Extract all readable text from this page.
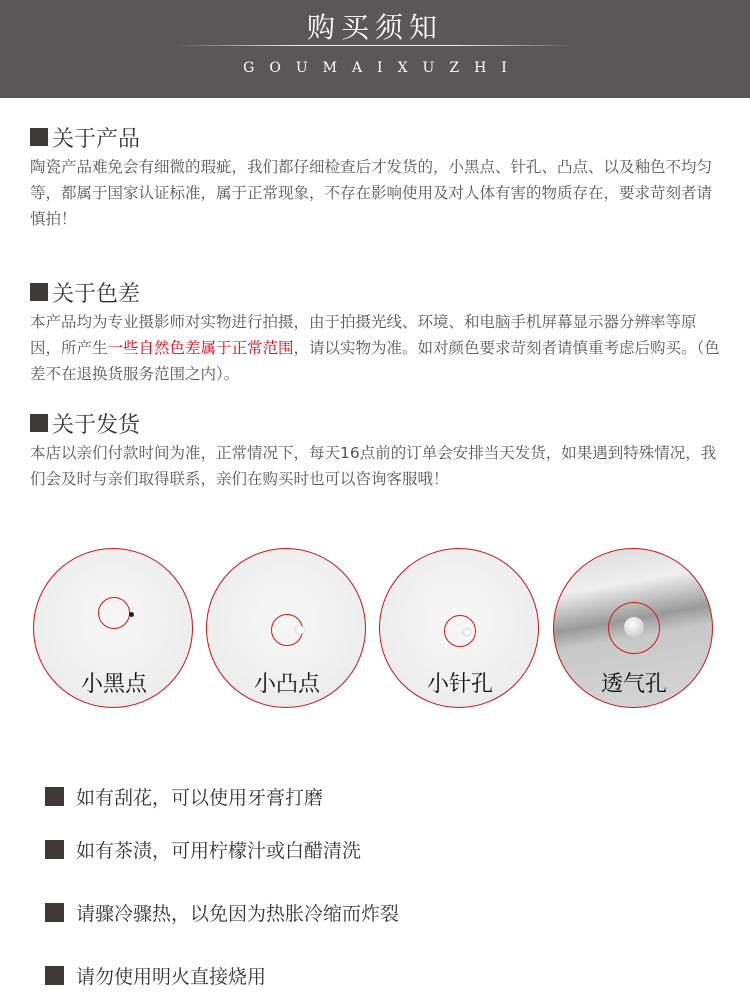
购买须知
GOUMAIXUZHI
关于产品
陶瓷产品难免会有细微的瑕疵，我们都仔细检查后才发货的，小黑点、针孔、凸点、以及釉色不均匀等，都属于国家认证标准，属于正常现象，不存在影响使用及对人体有害的物质存在，要求苛刻者请慎拍！
关于色差
本产品均为专业摄影师对实物进行拍摄，由于拍摄光线、环境、和电脑手机屏幕显示器分辨率等原因，所产生一些自然色差属于正常范围，请以实物为准。如对颜色要求苛刻者请慎重考虑后购买。（色差不在退换货服务范围之内）。
关于发货
本店以亲们付款时间为准，正常情况下，每天16点前的订单会安排当天发货，如果遇到特殊情况，我们会及时与亲们取得联系，亲们在购买时也可以咨询客服哦！
小黑点	小凸点	小针孔	透气孔
如有刮花，可以使用牙膏打磨
如有茶渍，可用柠檬汁或白醋清洗
请骤冷骤热，以免因为热胀冷缩而炸裂
请勿使用明火直接烧用
